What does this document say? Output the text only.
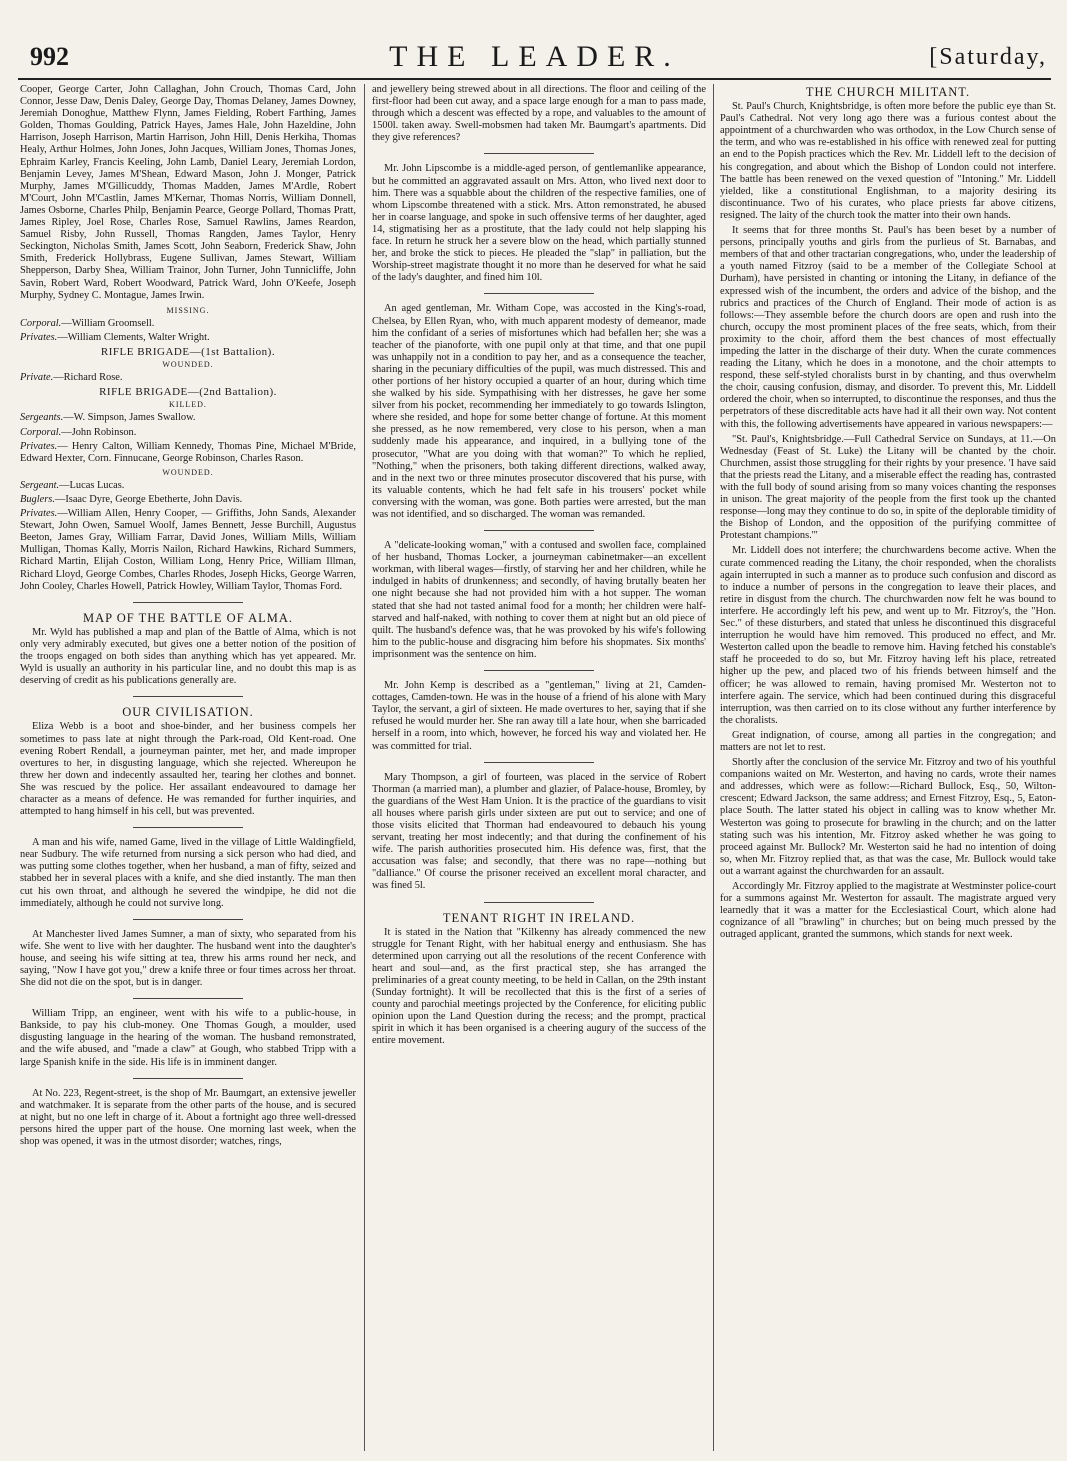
992	THE LEADER.	[Saturday,

Cooper, George Carter, John Callaghan, John Crouch, Thomas Card, John Connor, Jesse Daw, Denis Daley, George Day, Thomas Delaney, James Downey, Jeremiah Donoghue, Matthew Flynn, James Fielding, Robert Farthing, James Golden, Thomas Goulding, Patrick Hayes, James Hale, John Hazeldine, John Harrison, Joseph Harrison, Martin Harrison, John Hill, Denis Herkiha, Thomas Healy, Arthur Holmes, John Jones, John Jacques, William Jones, Thomas Jones, Ephraim Karley, Francis Keeling, John Lamb, Daniel Leary, Jeremiah Lordon, Benjamin Levey, James M'Shean, Edward Mason, John J. Monger, Patrick Murphy, James M'Gillicuddy, Thomas Madden, James M'Ardle, Robert M'Court, John M'Castlin, James M'Kernar, Thomas Norris, William Donnell, James Osborne, Charles Philp, Benjamin Pearce, George Pollard, Thomas Pratt, James Ripley, Joel Rose, Charles Rose, Samuel Rawlins, James Reardon, Samuel Risby, John Russell, Thomas Rangden, James Taylor, Henry Seckington, Nicholas Smith, James Scott, John Seaborn, Frederick Shaw, John Smith, Frederick Hollybrass, Eugene Sullivan, James Stewart, William Shepperson, Darby Shea, William Trainor, John Turner, John Tunnicliffe, John Savin, Robert Ward, Robert Woodward, Patrick Ward, John O'Keefe, Joseph Murphy, Sydney C. Montague, James Irwin.

MISSING.

Corporal.—William Groomsell.

Privates.—William Clements, Walter Wright.

RIFLE BRIGADE—(1st Battalion).
WOUNDED.

Private.—Richard Rose.

RIFLE BRIGADE—(2nd Battalion).
KILLED.

Sergeants.—W. Simpson, James Swallow.

Corporal.—John Robinson.

Privates.— Henry Calton, William Kennedy, Thomas Pine, Michael M'Bride, Edward Hexter, Corn. Finnucane, George Robinson, Charles Rason.

WOUNDED.

Sergeant.—Lucas Lucas.

Buglers.—Isaac Dyre, George Ebetherte, John Davis.

Privates.—William Allen, Henry Cooper, — Griffiths, John Sands, Alexander Stewart, John Owen, Samuel Woolf, James Bennett, Jesse Burchill, Augustus Beeton, James Gray, William Farrar, David Jones, William Mills, William Mulligan, Thomas Kally, Morris Nailon, Richard Hawkins, Richard Summers, Richard Martin, Elijah Coston, William Long, Henry Price, William Illman, Richard Lloyd, George Combes, Charles Rhodes, Joseph Hicks, George Warren, John Cooley, Charles Howell, Patrick Howley, William Taylor, Thomas Ford.

MAP OF THE BATTLE OF ALMA.

Mr. Wyld has published a map and plan of the Battle of Alma, which is not only very admirably executed, but gives one a better notion of the position of the troops engaged on both sides than anything which has yet appeared. Mr. Wyld is usually an authority in his particular line, and no doubt this map is as deserving of credit as his publications generally are.

OUR CIVILISATION.

Eliza Webb is a boot and shoe-binder, and her business compels her sometimes to pass late at night through the Park-road, Old Kent-road. One evening Robert Rendall, a journeyman painter, met her, and made improper overtures to her, in disgusting language, which she rejected. Whereupon he threw her down and indecently assaulted her, tearing her clothes and bonnet. She was rescued by the police. Her assailant endeavoured to damage her character as a means of defence. He was remanded for further inquiries, and attempted to hang himself in his cell, but was prevented.

A man and his wife, named Game, lived in the village of Little Waldingfield, near Sudbury. The wife returned from nursing a sick person who had died, and was putting some clothes together, when her husband, a man of fifty, seized and stabbed her in several places with a knife, and she died instantly. The man then cut his own throat, and although he severed the windpipe, he did not die immediately, although he could not survive long.

At Manchester lived James Sumner, a man of sixty, who separated from his wife. She went to live with her daughter. The husband went into the daughter's house, and seeing his wife sitting at tea, threw his arms round her neck, and saying, "Now I have got you," drew a knife three or four times across her throat. She did not die on the spot, but is in danger.

William Tripp, an engineer, went with his wife to a public-house, in Bankside, to pay his club-money. One Thomas Gough, a moulder, used disgusting language in the hearing of the woman. The husband remonstrated, and the wife abused, and "made a claw" at Gough, who stabbed Tripp with a large Spanish knife in the side. His life is in imminent danger.

At No. 223, Regent-street, is the shop of Mr. Baumgart, an extensive jeweller and watchmaker. It is separate from the other parts of the house, and is secured at night, but no one left in charge of it. About a fortnight ago three well-dressed persons hired the upper part of the house. One morning last week, when the shop was opened, it was in the utmost disorder; watches, rings,

and jewellery being strewed about in all directions. The floor and ceiling of the first-floor had been cut away, and a space large enough for a man to pass made, through which a descent was effected by a rope, and valuables to the amount of 1500l. taken away. Swell-mobsmen had taken Mr. Baumgart's apartments. Did they give references?

Mr. John Lipscombe is a middle-aged person, of gentlemanlike appearance, but he committed an aggravated assault on Mrs. Atton, who lived next door to him. There was a squabble about the children of the respective families, one of whom Lipscombe threatened with a stick. Mrs. Atton remonstrated, he abused her in coarse language, and spoke in such offensive terms of her daughter, aged 14, stigmatising her as a prostitute, that the lady could not help slapping his face. In return he struck her a severe blow on the head, which partially stunned her, and broke the stick to pieces. He pleaded the "slap" in palliation, but the Worship-street magistrate thought it no more than he deserved for what he said of the lady's daughter, and fined him 10l.

An aged gentleman, Mr. Witham Cope, was accosted in the King's-road, Chelsea, by Ellen Ryan, who, with much apparent modesty of demeanor, made him the confidant of a series of misfortunes which had befallen her; she was a teacher of the pianoforte, with one pupil only at that time, and that one pupil was unhappily not in a condition to pay her, and as a consequence the teacher, sharing in the pecuniary difficulties of the pupil, was much distressed. This and other portions of her history occupied a quarter of an hour, during which time she walked by his side. Sympathising with her distresses, he gave her some silver from his pocket, recommending her immediately to go towards Islington, where she resided, and hope for some better change of fortune. At this moment she pressed, as he now remembered, very close to his person, when a man suddenly made his appearance, and inquired, in a bullying tone of the prosecutor, "What are you doing with that woman?" To which he replied, "Nothing," when the prisoners, both taking different directions, walked away, and in the next two or three minutes prosecutor discovered that his purse, with its valuable contents, which he had felt safe in his trousers' pocket while conversing with the woman, was gone. Both parties were arrested, but the man was not identified, and so discharged. The woman was remanded.

A "delicate-looking woman," with a contused and swollen face, complained of her husband, Thomas Locker, a journeyman cabinetmaker—an excellent workman, with liberal wages—firstly, of starving her and her children, while he indulged in habits of drunkenness; and secondly, of having brutally beaten her one night because she had not provided him with a hot supper. The woman stated that she had not tasted animal food for a month; her children were half-starved and half-naked, with nothing to cover them at night but an old piece of quilt. The husband's defence was, that he was provoked by his wife's following him to the public-house and disgracing him before his shopmates. Six months' imprisonment was the sentence on him.

Mr. John Kemp is described as a "gentleman," living at 21, Camden-cottages, Camden-town. He was in the house of a friend of his alone with Mary Taylor, the servant, a girl of sixteen. He made overtures to her, saying that if she refused he would murder her. She ran away till a late hour, when she barricaded herself in a room, into which, however, he forced his way and violated her. He was committed for trial.

Mary Thompson, a girl of fourteen, was placed in the service of Robert Thorman (a married man), a plumber and glazier, of Palace-house, Bromley, by the guardians of the West Ham Union. It is the practice of the guardians to visit all houses where parish girls under sixteen are put out to service; and one of those visits elicited that Thorman had endeavoured to debauch his young servant, treating her most indecently; and that during the confinement of his wife. The parish authorities prosecuted him. His defence was, first, that the accusation was false; and secondly, that there was no rape—nothing but "dalliance." Of course the prisoner received an excellent moral character, and was fined 5l.

TENANT RIGHT IN IRELAND.

It is stated in the Nation that "Kilkenny has already commenced the new struggle for Tenant Right, with her habitual energy and enthusiasm. She has determined upon carrying out all the resolutions of the recent Conference with heart and soul—and, as the first practical step, she has arranged the preliminaries of a great county meeting, to be held in Callan, on the 29th instant (Sunday fortnight). It will be recollected that this is the first of a series of county and parochial meetings projected by the Conference, for eliciting public opinion upon the Land Question during the recess; and the prompt, practical spirit in which it has been organised is a cheering augury of the success of the entire movement.

THE CHURCH MILITANT.

St. Paul's Church, Knightsbridge, is often more before the public eye than St. Paul's Cathedral. Not very long ago there was a furious contest about the appointment of a churchwarden who was orthodox, in the Low Church sense of the term, and who was re-established in his office with renewed zeal for putting an end to the Popish practices which the Rev. Mr. Liddell left to the decision of his congregation, and about which the Bishop of London could not interfere. The battle has been renewed on the vexed question of "Intoning." Mr. Liddell yielded, like a constitutional Englishman, to a majority desiring its discontinuance. Two of his curates, who place priests far above citizens, resigned. The laity of the church took the matter into their own hands.

It seems that for three months St. Paul's has been beset by a number of persons, principally youths and girls from the purlieus of St. Barnabas, and members of that and other tractarian congregations, who, under the leadership of a youth named Fitzroy (said to be a member of the Collegiate School at Durham), have persisted in chanting or intoning the Litany, in defiance of the expressed wish of the incumbent, the orders and advice of the bishop, and the rubrics and practices of the Church of England. Their mode of action is as follows:—They assemble before the church doors are open and rush into the church, occupy the most prominent places of the free seats, which, from their proximity to the choir, afford them the best chances of most effectually impeding the latter in the discharge of their duty. When the curate commences reading the Litany, which he does in a monotone, and the choir attempts to respond, these self-styled choralists burst in by chanting, and thus overwhelm the choir, causing confusion, dismay, and disorder. To prevent this, Mr. Liddell ordered the choir, when so interrupted, to discontinue the responses, and thus the perpetrators of these discreditable acts have had it all their own way. Not content with this, the following advertisements have appeared in various newspapers:—

"St. Paul's, Knightsbridge.—Full Cathedral Service on Sundays, at 11.—On Wednesday (Feast of St. Luke) the Litany will be chanted by the choir. Churchmen, assist those struggling for their rights by your presence. 'I have said that the priests read the Litany, and a miserable effect the reading has, contrasted with the full body of sound arising from so many voices chanting the responses in unison. The great majority of the people from the first took up the chanted response—long may they continue to do so, in spite of the deplorable timidity of the Bishop of London, and the opposition of the purifying committee of Protestant champions.'"

Mr. Liddell does not interfere; the churchwardens become active. When the curate commenced reading the Litany, the choir responded, when the choralists again interrupted in such a manner as to produce such confusion and discord as to induce a number of persons in the congregation to leave their places, and retire in disgust from the church. The churchwarden now felt he was bound to interfere. He accordingly left his pew, and went up to Mr. Fitzroy's, the "Hon. Sec." of these disturbers, and stated that unless he discontinued this disgraceful interruption he would have him removed. This produced no effect, and Mr. Westerton called upon the beadle to remove him. Having fetched his constable's staff he proceeded to do so, but Mr. Fitzroy having left his place, retreated higher up the pew, and placed two of his friends between himself and the officer; he was allowed to remain, having promised Mr. Westerton not to interfere again. The service, which had been continued during this disgraceful interruption, was then carried on to its close without any further interference by the choralists.

Great indignation, of course, among all parties in the congregation; and matters are not let to rest.

Shortly after the conclusion of the service Mr. Fitzroy and two of his youthful companions waited on Mr. Westerton, and having no cards, wrote their names and addresses, which were as follow:—Richard Bullock, Esq., 50, Wilton-crescent; Edward Jackson, the same address; and Ernest Fitzroy, Esq., 5, Eaton-place South. The latter stated his object in calling was to know whether Mr. Westerton was going to prosecute for brawling in the church; and on the latter stating such was his intention, Mr. Fitzroy asked whether he was going to proceed against Mr. Bullock? Mr. Westerton said he had no intention of doing so, when Mr. Fitzroy replied that, as that was the case, Mr. Bullock would take out a warrant against the churchwarden for an assault.

Accordingly Mr. Fitzroy applied to the magistrate at Westminster police-court for a summons against Mr. Westerton for assault. The magistrate argued very learnedly that it was a matter for the Ecclesiastical Court, which alone had cognizance of all "brawling" in churches; but on being much pressed by the outraged applicant, granted the summons, which stands for next week.
